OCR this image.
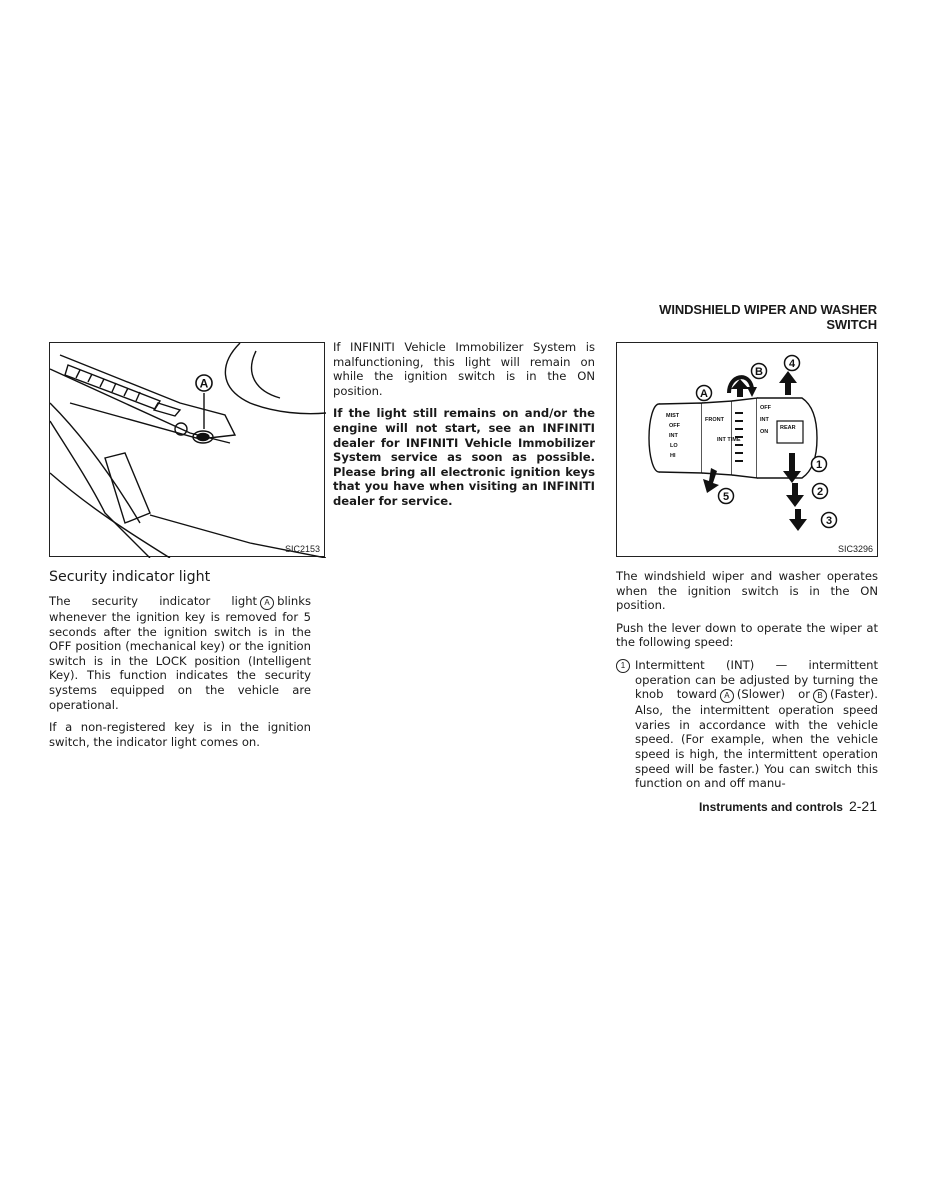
WINDSHIELD WIPER AND WASHER SWITCH
A
SIC2153
MIST
OFF
INT
LO
HI
FRONT
INT TIME
OFF
INT
ON
REAR
A
B
1
2
3
4
5
SIC3296

Security indicator light

The security indicator light A blinks whenever the ignition key is removed for 5 seconds after the ignition switch is in the OFF position (mechanical key) or the ignition switch is in the LOCK position (Intelligent Key). This function indicates the security systems equipped on the vehicle are operational.

If a non-registered key is in the ignition switch, the indicator light comes on.

If INFINITI Vehicle Immobilizer System is malfunctioning, this light will remain on while the ignition switch is in the ON position.

If the light still remains on and/or the engine will not start, see an INFINITI dealer for INFINITI Vehicle Immobilizer System service as soon as possible. Please bring all electronic ignition keys that you have when visiting an INFINITI dealer for service.

The windshield wiper and washer operates when the ignition switch is in the ON position.

Push the lever down to operate the wiper at the following speed:

1 Intermittent (INT) — intermittent operation can be adjusted by turning the knob toward A (Slower) or B (Faster). Also, the intermittent operation speed varies in accordance with the vehicle speed. (For example, when the vehicle speed is high, the intermittent operation speed will be faster.) You can switch this function on and off manu-
Instruments and controls 2-21
